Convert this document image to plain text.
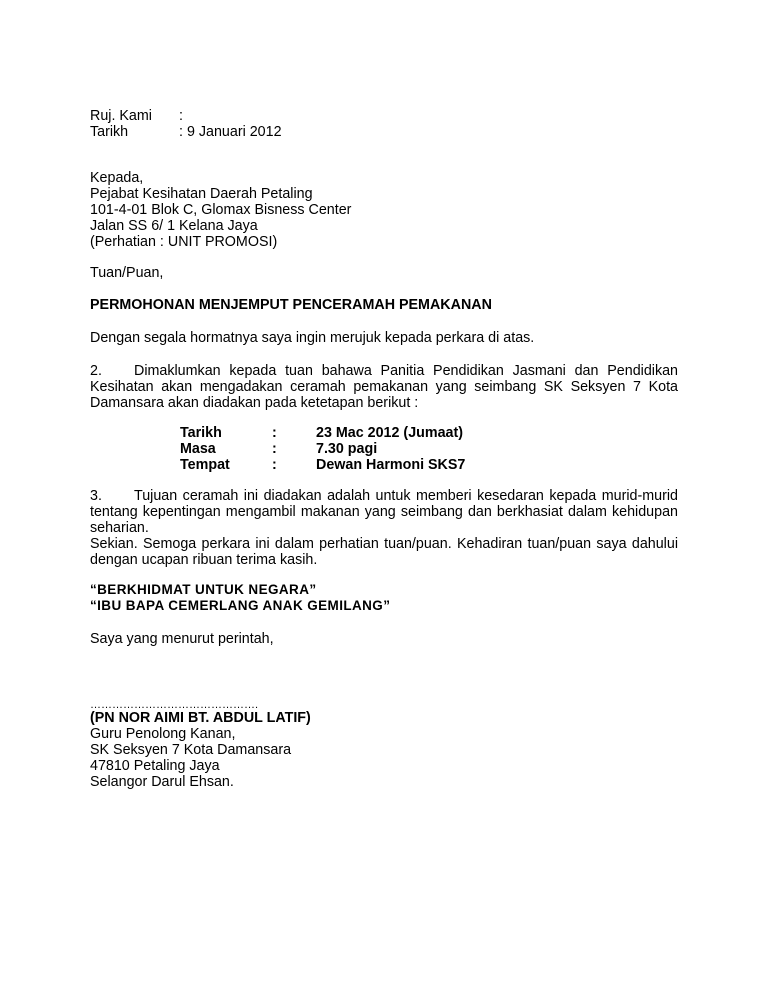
Ruj. Kami	:
Tarikh	: 9 Januari 2012
Kepada,
Pejabat Kesihatan Daerah Petaling
101-4-01 Blok C, Glomax Bisness Center
Jalan SS 6/ 1 Kelana Jaya
(Perhatian : UNIT PROMOSI)
Tuan/Puan,
PERMOHONAN MENJEMPUT PENCERAMAH PEMAKANAN
Dengan segala hormatnya saya ingin merujuk kepada perkara di atas.
2. Dimaklumkan kepada tuan bahawa Panitia Pendidikan Jasmani dan Pendidikan
Kesihatan akan mengadakan ceramah pemakanan yang seimbang SK Seksyen 7 Kota
Damansara akan diadakan pada ketetapan berikut :
Tarikh	:	23 Mac 2012 (Jumaat)
Masa	:	7.30 pagi
Tempat	:	Dewan Harmoni SKS7
3. Tujuan ceramah ini diadakan adalah untuk memberi kesedaran kepada murid-murid
tentang kepentingan mengambil makanan yang seimbang dan berkhasiat dalam kehidupan
seharian.
Sekian. Semoga perkara ini dalam perhatian tuan/puan. Kehadiran tuan/puan saya dahului
dengan ucapan ribuan terima kasih.
“BERKHIDMAT UNTUK NEGARA”
“IBU BAPA CEMERLANG ANAK GEMILANG”
Saya yang menurut perintah,
……………………………………….
(PN NOR AIMI BT. ABDUL LATIF)
Guru Penolong Kanan,
SK Seksyen 7 Kota Damansara
47810 Petaling Jaya
Selangor Darul Ehsan.
